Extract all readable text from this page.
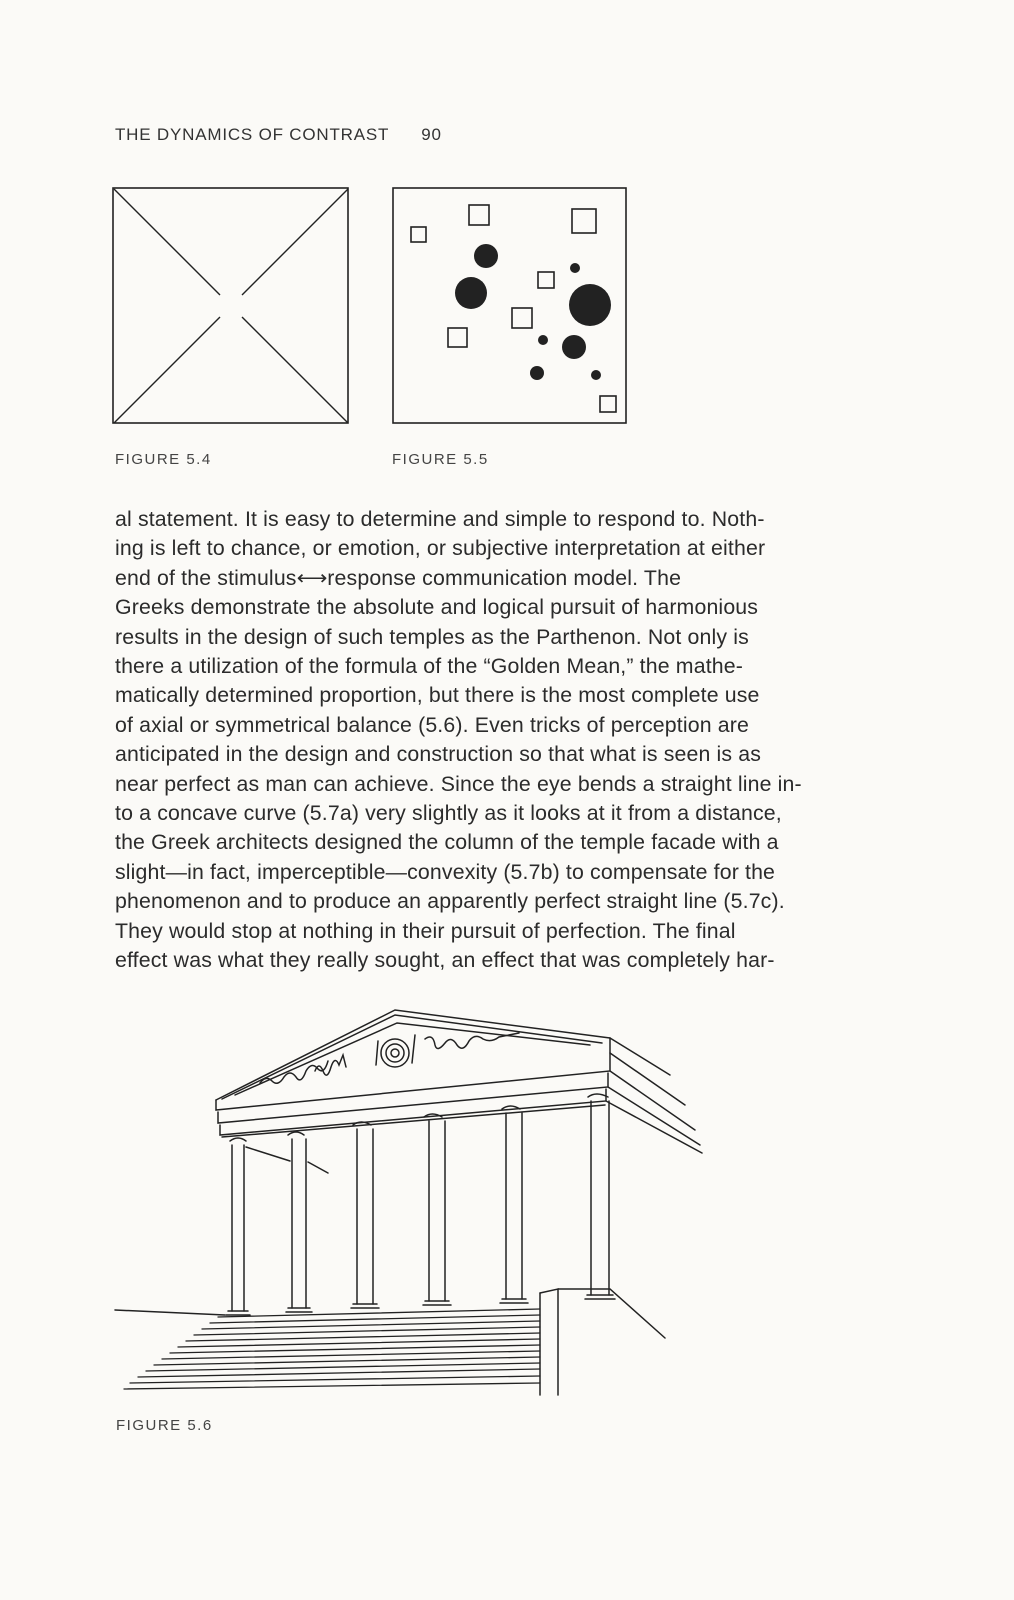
THE DYNAMICS OF CONTRAST 90
FIGURE 5.4	FIGURE 5.5
al statement. It is easy to determine and simple to respond to. Noth-
ing is left to chance, or emotion, or subjective interpretation at either
end of the stimulus⟷response communication model. The
Greeks demonstrate the absolute and logical pursuit of harmonious
results in the design of such temples as the Parthenon. Not only is
there a utilization of the formula of the “Golden Mean,” the mathe-
matically determined proportion, but there is the most complete use
of axial or symmetrical balance (5.6). Even tricks of perception are
anticipated in the design and construction so that what is seen is as
near perfect as man can achieve. Since the eye bends a straight line in-
to a concave curve (5.7a) very slightly as it looks at it from a distance,
the Greek architects designed the column of the temple facade with a
slight—in fact, imperceptible—convexity (5.7b) to compensate for the
phenomenon and to produce an apparently perfect straight line (5.7c).
They would stop at nothing in their pursuit of perfection. The final
effect was what they really sought, an effect that was completely har-
FIGURE 5.6
